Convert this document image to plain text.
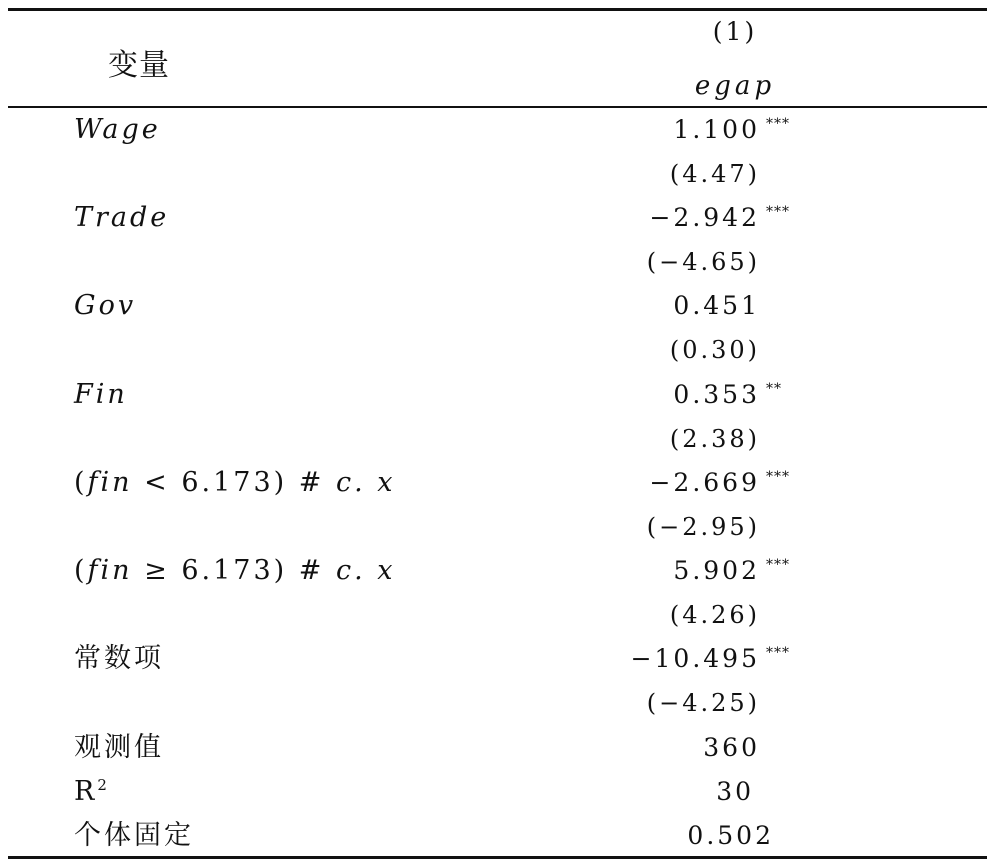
变量
(1)
egap
Wage	1.100 ***
(4.47)
Trade	−2.942 ***
(−4.65)
Gov	0.451
(0.30)
Fin	0.353 **
(2.38)
(fin < 6.173) # c. x	−2.669 ***
(−2.95)
(fin ≥ 6.173) # c. x	5.902 ***
(4.26)
常数项	−10.495 ***
(−4.25)
观测值	360
$R^2$	30
个体固定	0.502
